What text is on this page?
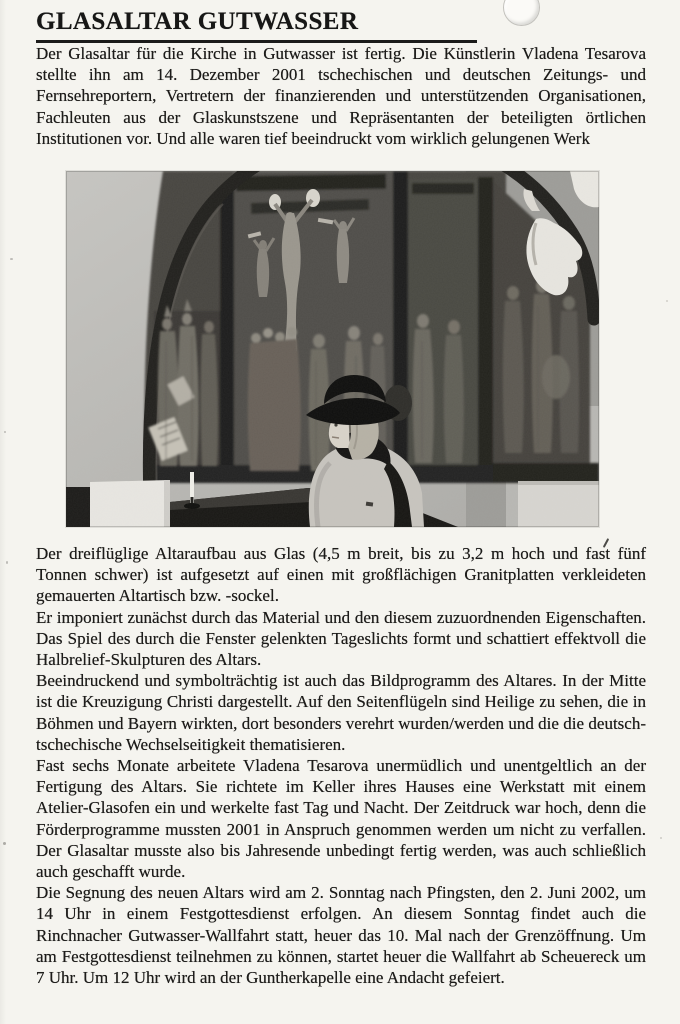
GLASALTAR GUTWASSER

Der Glasaltar für die Kirche in Gutwasser ist fertig. Die Künstlerin Vladena Tesarova stellte ihn am 14. Dezember 2001 tschechischen und deutschen Zeitungs- und Fernsehreportern, Vertretern der finanzierenden und unterstützenden Organisationen, Fachleuten aus der Glaskunstszene und Repräsentanten der beteiligten örtlichen Institutionen vor. Und alle waren tief beeindruckt vom wirklich gelungenen Werk

Der dreiflüglige Altaraufbau aus Glas (4,5 m breit, bis zu 3,2 m hoch und fast fünf Tonnen schwer) ist aufgesetzt auf einen mit großflächigen Granitplatten verkleideten gemauerten Altartisch bzw. -sockel.

Er imponiert zunächst durch das Material und den diesem zuzuordnenden Eigenschaften. Das Spiel des durch die Fenster gelenkten Tageslichts formt und schattiert effektvoll die Halbrelief-Skulpturen des Altars.

Beeindruckend und symbolträchtig ist auch das Bildprogramm des Altares. In der Mitte ist die Kreuzigung Christi dargestellt. Auf den Seitenflügeln sind Heilige zu sehen, die in Böhmen und Bayern wirkten, dort besonders verehrt wurden/werden und die die deutsch-tschechische Wechselseitigkeit thematisieren.

Fast sechs Monate arbeitete Vladena Tesarova unermüdlich und unentgeltlich an der Fertigung des Altars. Sie richtete im Keller ihres Hauses eine Werkstatt mit einem Atelier-Glasofen ein und werkelte fast Tag und Nacht. Der Zeitdruck war hoch, denn die Förderprogramme mussten 2001 in Anspruch genommen werden um nicht zu verfallen. Der Glasaltar musste also bis Jahresende unbedingt fertig werden, was auch schließlich auch geschafft wurde.

Die Segnung des neuen Altars wird am 2. Sonntag nach Pfingsten, den 2. Juni 2002, um 14 Uhr in einem Festgottesdienst erfolgen. An diesem Sonntag findet auch die Rinchnacher Gutwasser-Wallfahrt statt, heuer das 10. Mal nach der Grenzöffnung. Um am Festgottesdienst teilnehmen zu können, startet heuer die Wallfahrt ab Scheuereck um 7 Uhr. Um 12 Uhr wird an der Guntherkapelle eine Andacht gefeiert.
